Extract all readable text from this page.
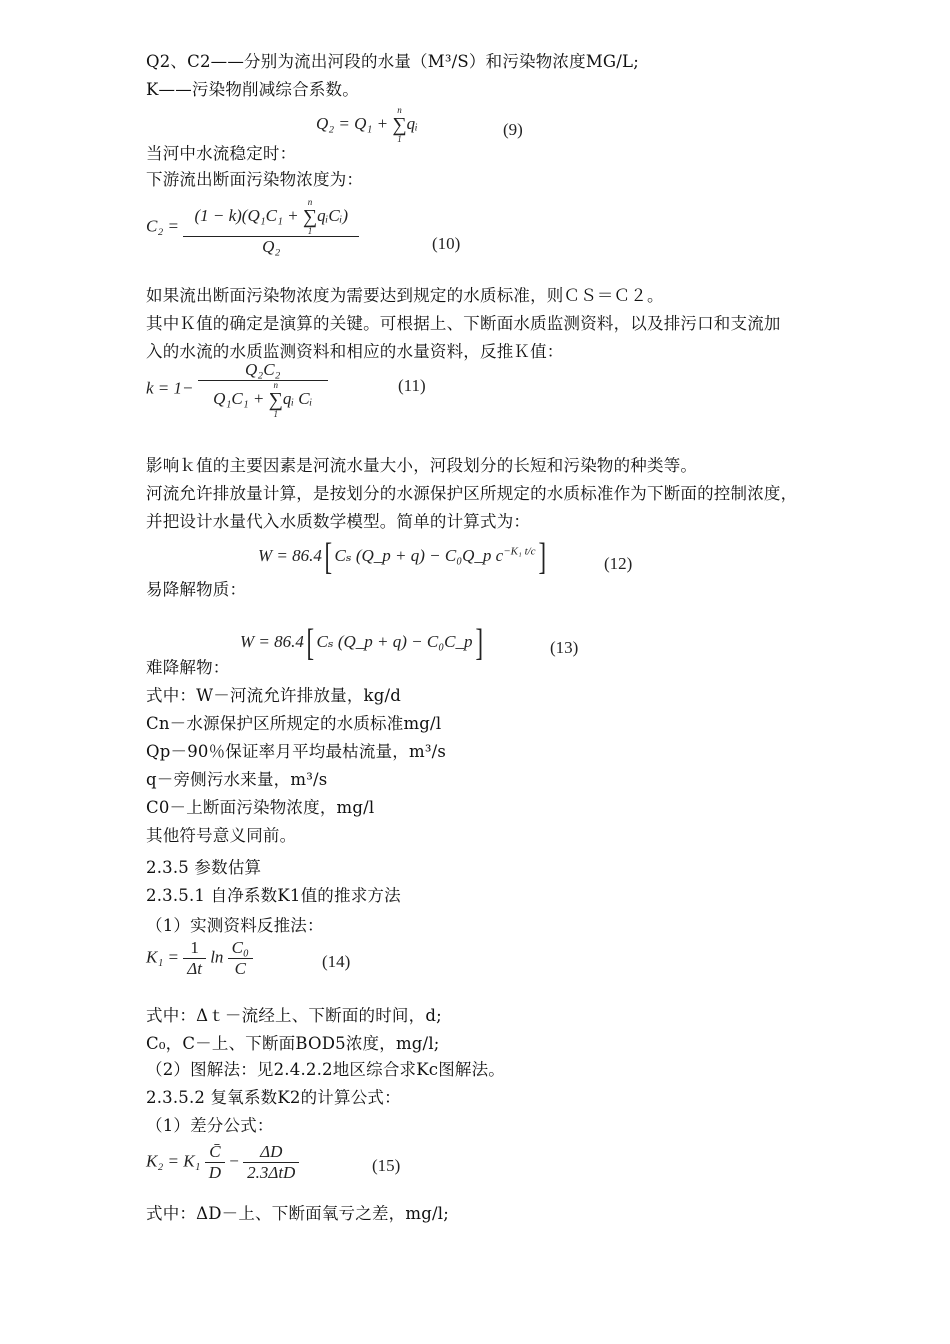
Q2、C2——分别为流出河段的水量（M³/S）和污染物浓度MG/L;
K——污染物削减综合系数。
Q₂ = Q₁ +
n
∑
1
qᵢ	(9)
当河中水流稳定时：
下游流出断面污染物浓度为：
C₂ = (1 − k)(Q₁C₁ +
n
∑
1
qᵢCᵢ)
Q₂	(10)
如果流出断面污染物浓度为需要达到规定的水质标准，则ＣＳ＝Ｃ２。
其中Ｋ值的确定是演算的关键。可根据上、下断面水质监测资料，以及排污口和支流加
入的水流的水质监测资料和相应的水量资料，反推Ｋ值：
k = 1− Q₂C₂
Q₁C₁ +
n
∑
1
qᵢ Cᵢ	(11)
影响ｋ值的主要因素是河流水量大小，河段划分的长短和污染物的种类等。
河流允许排放量计算，是按划分的水源保护区所规定的水质标准作为下断面的控制浓度，
并把设计水量代入水质数学模型。简单的计算式为：
W = 86.4[ Cₛ (Q_p + q) − C₀Q_p $c^{-K_1 t/c}$]	(12)
易降解物质：
W = 86.4[ Cₛ (Q_p + q) − C₀C_p]	(13)
难降解物：
式中：W－河流允许排放量，kg/d
Cn－水源保护区所规定的水质标准mg/l
Qp－90％保证率月平均最枯流量，m³/s
q－旁侧污水来量，m³/s
C0－上断面污染物浓度，mg/l
其他符号意义同前。
2.3.5 参数估算
2.3.5.1 自净系数K1值的推求方法
（1）实测资料反推法：
$K_1 = \frac{1}{\Delta t}$ $\ln \frac{\text{C₀}}{C}$	(14)
式中：Δｔ－流经上、下断面的时间，d;
C₀，C－上、下断面BOD5浓度，mg/l;
（2）图解法：见2.4.2.2地区综合求Kc图解法。
2.3.5.2 复氧系数K2的计算公式：
（1）差分公式：
$K_2 = K_1 \frac{C̄}{D} - \frac{\Delta D}{\text{2.3ΔtD}}$	(15)
式中：ΔD－上、下断面氧亏之差，mg/l;
